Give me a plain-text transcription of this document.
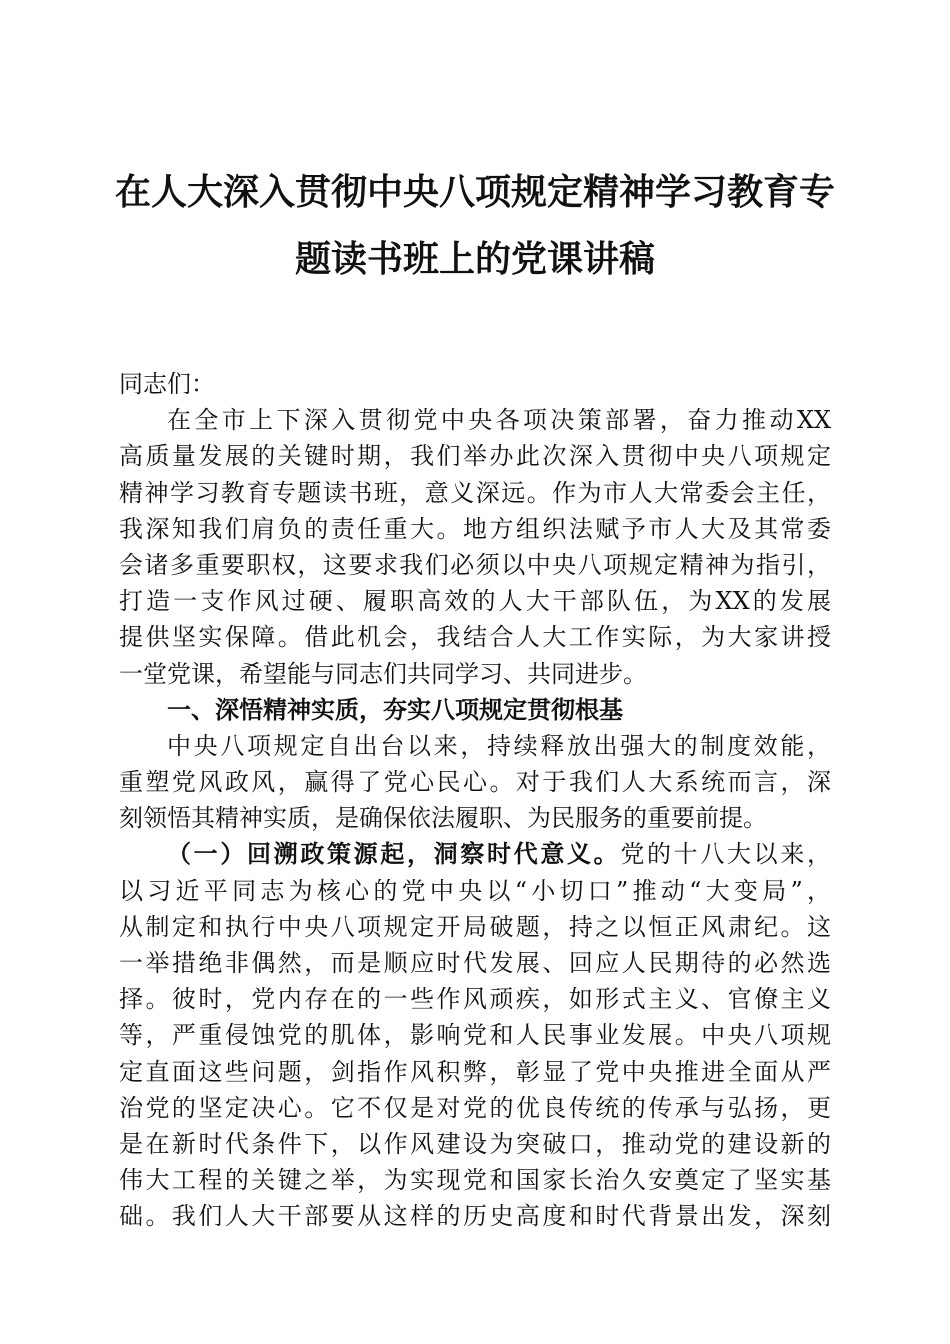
在人大深入贯彻中央八项规定精神学习教育专
题读书班上的党课讲稿
同志们：
在全市上下深入贯彻党中央各项决策部署，奋力推动XX
高质量发展的关键时期，我们举办此次深入贯彻中央八项规定
精神学习教育专题读书班，意义深远。作为市人大常委会主任，
我深知我们肩负的责任重大。地方组织法赋予市人大及其常委
会诸多重要职权，这要求我们必须以中央八项规定精神为指引，
打造一支作风过硬、履职高效的人大干部队伍，为XX的发展
提供坚实保障。借此机会，我结合人大工作实际，为大家讲授
一堂党课，希望能与同志们共同学习、共同进步。
一、深悟精神实质，夯实八项规定贯彻根基
中央八项规定自出台以来，持续释放出强大的制度效能，
重塑党风政风，赢得了党心民心。对于我们人大系统而言，深
刻领悟其精神实质，是确保依法履职、为民服务的重要前提。
（一）回溯政策源起，洞察时代意义。党的十八大以来，
以习近平同志为核心的党中央以“小切口”推动“大变局”，
从制定和执行中央八项规定开局破题，持之以恒正风肃纪。这
一举措绝非偶然，而是顺应时代发展、回应人民期待的必然选
择。彼时，党内存在的一些作风顽疾，如形式主义、官僚主义
等，严重侵蚀党的肌体，影响党和人民事业发展。中央八项规
定直面这些问题，剑指作风积弊，彰显了党中央推进全面从严
治党的坚定决心。它不仅是对党的优良传统的传承与弘扬，更
是在新时代条件下，以作风建设为突破口，推动党的建设新的
伟大工程的关键之举，为实现党和国家长治久安奠定了坚实基
础。我们人大干部要从这样的历史高度和时代背景出发，深刻
